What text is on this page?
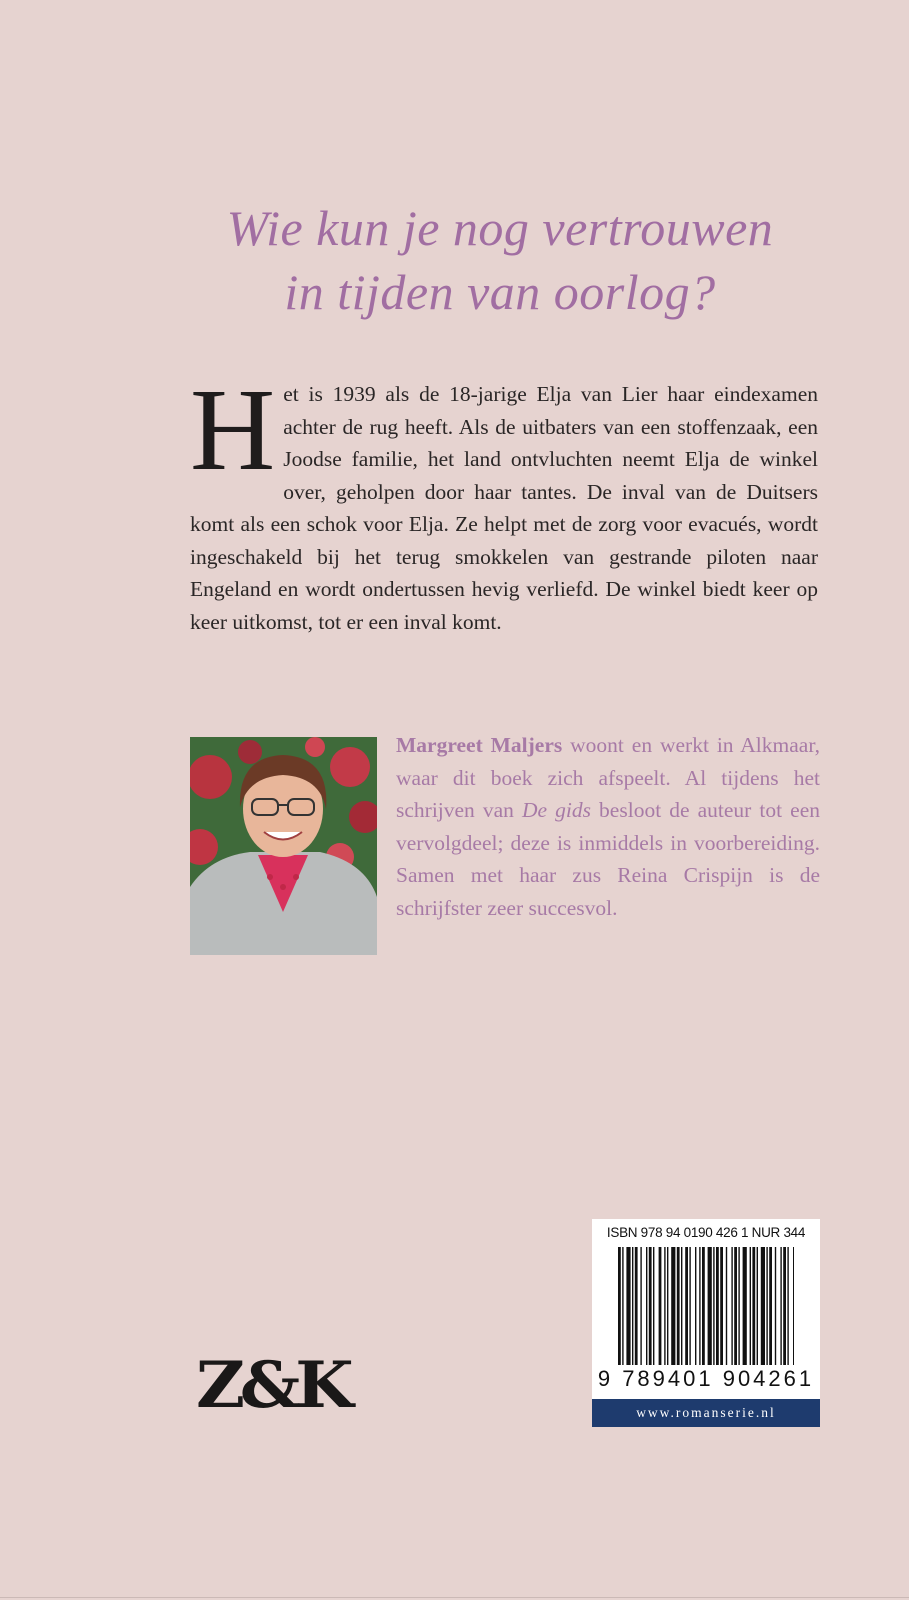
Wie kun je nog vertrouwen
in tijden van oorlog?

Het is 1939 als de 18-jarige Elja van Lier haar eindexamen achter de rug heeft. Als de uitbaters van een stoffenzaak, een Joodse familie, het land ontvluchten neemt Elja de winkel over, geholpen door haar tantes. De inval van de Duitsers komt als een schok voor Elja. Ze helpt met de zorg voor evacués, wordt ingeschakeld bij het terug smokkelen van gestrande piloten naar Engeland en wordt ondertussen hevig verliefd. De winkel biedt keer op keer uitkomst, tot er een inval komt.

Margreet Maljers woont en werkt in Alkmaar, waar dit boek zich afspeelt. Al tijdens het schrijven van De gids besloot de auteur tot een vervolgdeel; deze is inmiddels in voorbereiding. Samen met haar zus Reina Crispijn is de schrijfster zeer succesvol.

Z&K
ISBN 978 94 0190 426 1 NUR 344
9 789401 904261
www.romanserie.nl
